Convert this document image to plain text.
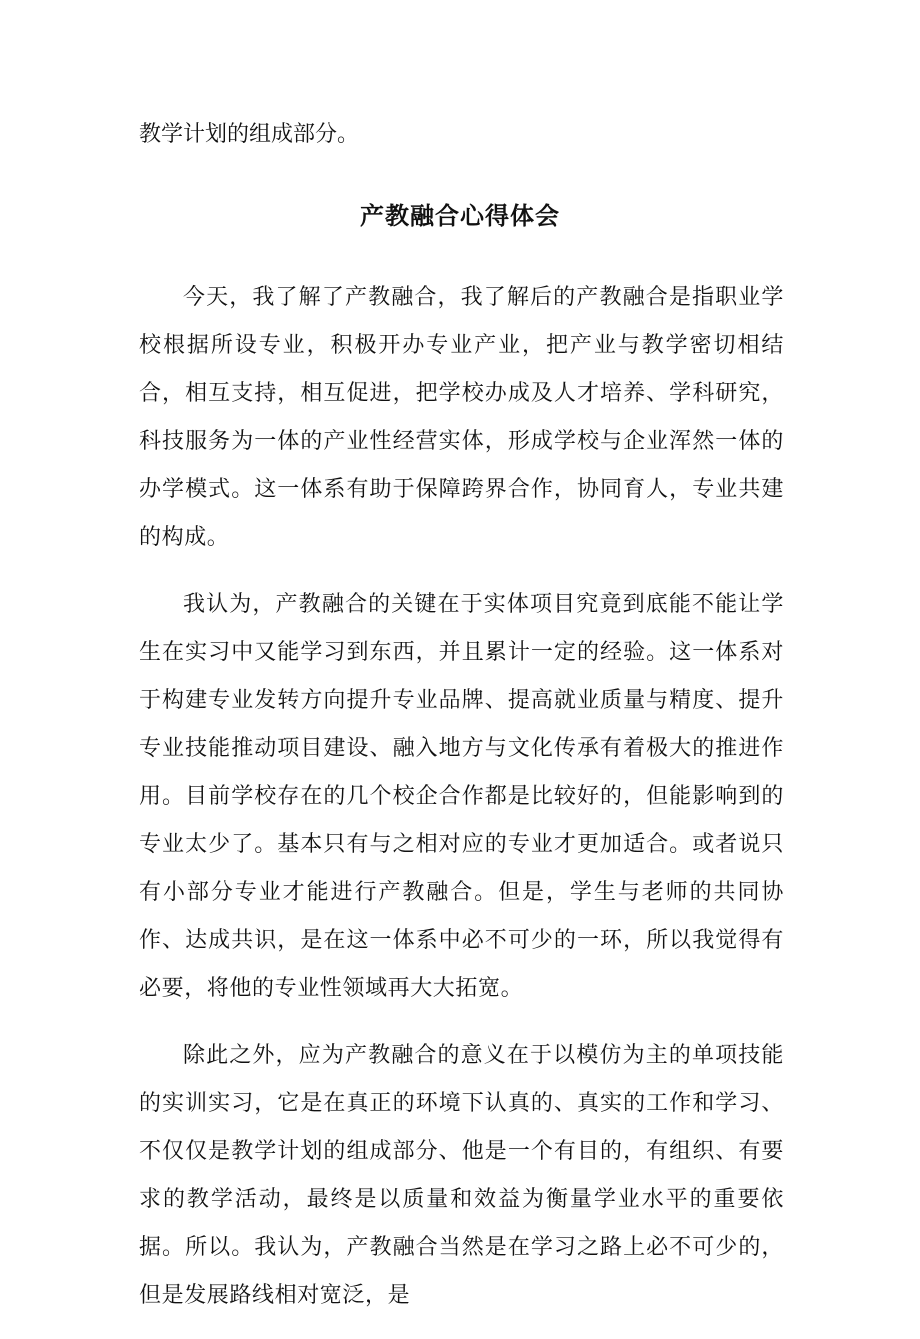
教学计划的组成部分。

产教融合心得体会

今天，我了解了产教融合，我了解后的产教融合是指职业学校根据所设专业，积极开办专业产业，把产业与教学密切相结合，相互支持，相互促进，把学校办成及人才培养、学科研究，科技服务为一体的产业性经营实体，形成学校与企业浑然一体的办学模式。这一体系有助于保障跨界合作，协同育人，专业共建的构成。

我认为，产教融合的关键在于实体项目究竟到底能不能让学生在实习中又能学习到东西，并且累计一定的经验。这一体系对于构建专业发转方向提升专业品牌、提高就业质量与精度、提升专业技能推动项目建设、融入地方与文化传承有着极大的推进作用。目前学校存在的几个校企合作都是比较好的，但能影响到的专业太少了。基本只有与之相对应的专业才更加适合。或者说只有小部分专业才能进行产教融合。但是，学生与老师的共同协作、达成共识，是在这一体系中必不可少的一环，所以我觉得有必要，将他的专业性领域再大大拓宽。

除此之外，应为产教融合的意义在于以模仿为主的单项技能的实训实习，它是在真正的环境下认真的、真实的工作和学习、不仅仅是教学计划的组成部分、他是一个有目的，有组织、有要求的教学活动，最终是以质量和效益为衡量学业水平的重要依据。所以。我认为，产教融合当然是在学习之路上必不可少的，但是发展路线相对宽泛，是
